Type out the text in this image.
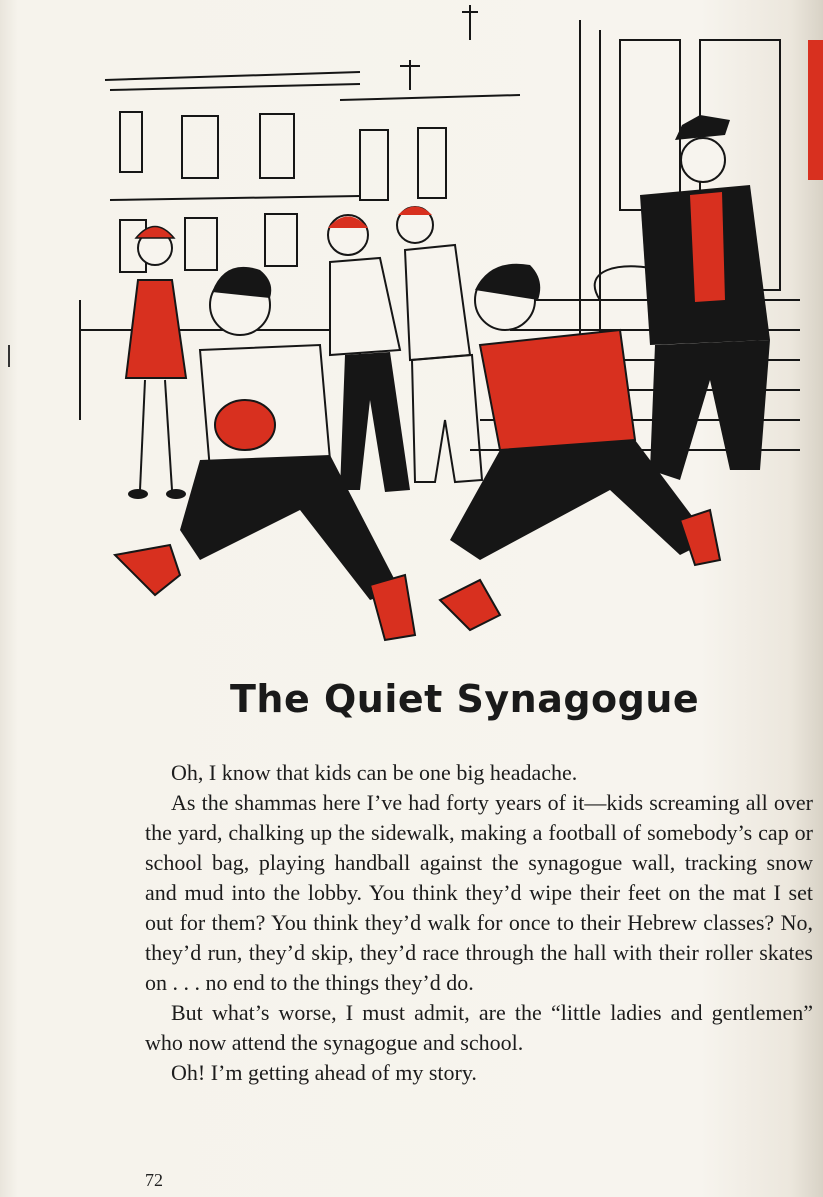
The Quiet Synagogue

Oh, I know that kids can be one big headache.

As the shammas here I’ve had forty years of it—kids screaming all over the yard, chalking up the sidewalk, making a football of somebody’s cap or school bag, playing handball against the synagogue wall, tracking snow and mud into the lobby. You think they’d wipe their feet on the mat I set out for them? You think they’d walk for once to their Hebrew classes? No, they’d run, they’d skip, they’d race through the hall with their roller skates on . . . no end to the things they’d do.

But what’s worse, I must admit, are the “little ladies and gentlemen” who now attend the synagogue and school.

Oh! I’m getting ahead of my story.

72
